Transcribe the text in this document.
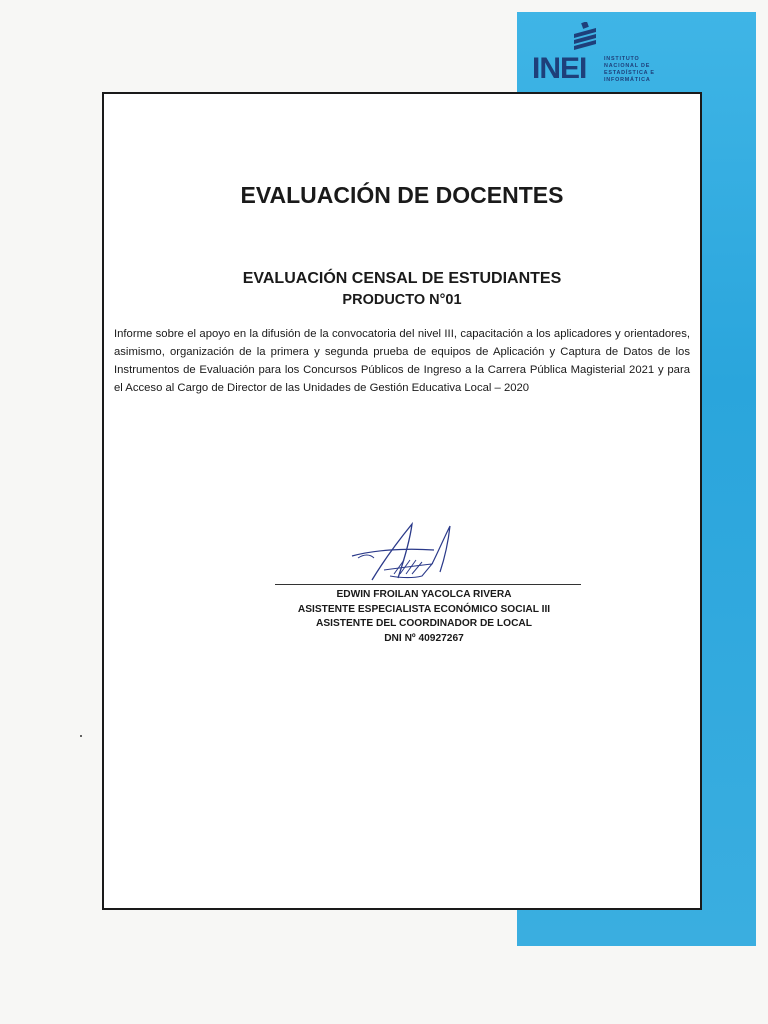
INEI	INSTITUTO
NACIONAL DE
ESTADÍSTICA E
INFORMÁTICA
EVALUACIÓN DE DOCENTES
EVALUACIÓN CENSAL DE ESTUDIANTES
PRODUCTO N°01
Informe sobre el apoyo en la difusión de la convocatoria del nivel III, capacitación a los aplicadores y orientadores, asimismo, organización de la primera y segunda prueba de equipos de Aplicación y Captura de Datos de los Instrumentos de Evaluación para los Concursos Públicos de Ingreso a la Carrera Pública Magisterial 2021 y para el Acceso al Cargo de Director de las Unidades de Gestión Educativa Local – 2020
EDWIN FROILAN YACOLCA RIVERA
ASISTENTE ESPECIALISTA ECONÓMICO SOCIAL III
ASISTENTE DEL COORDINADOR DE LOCAL
DNI Nº 40927267
